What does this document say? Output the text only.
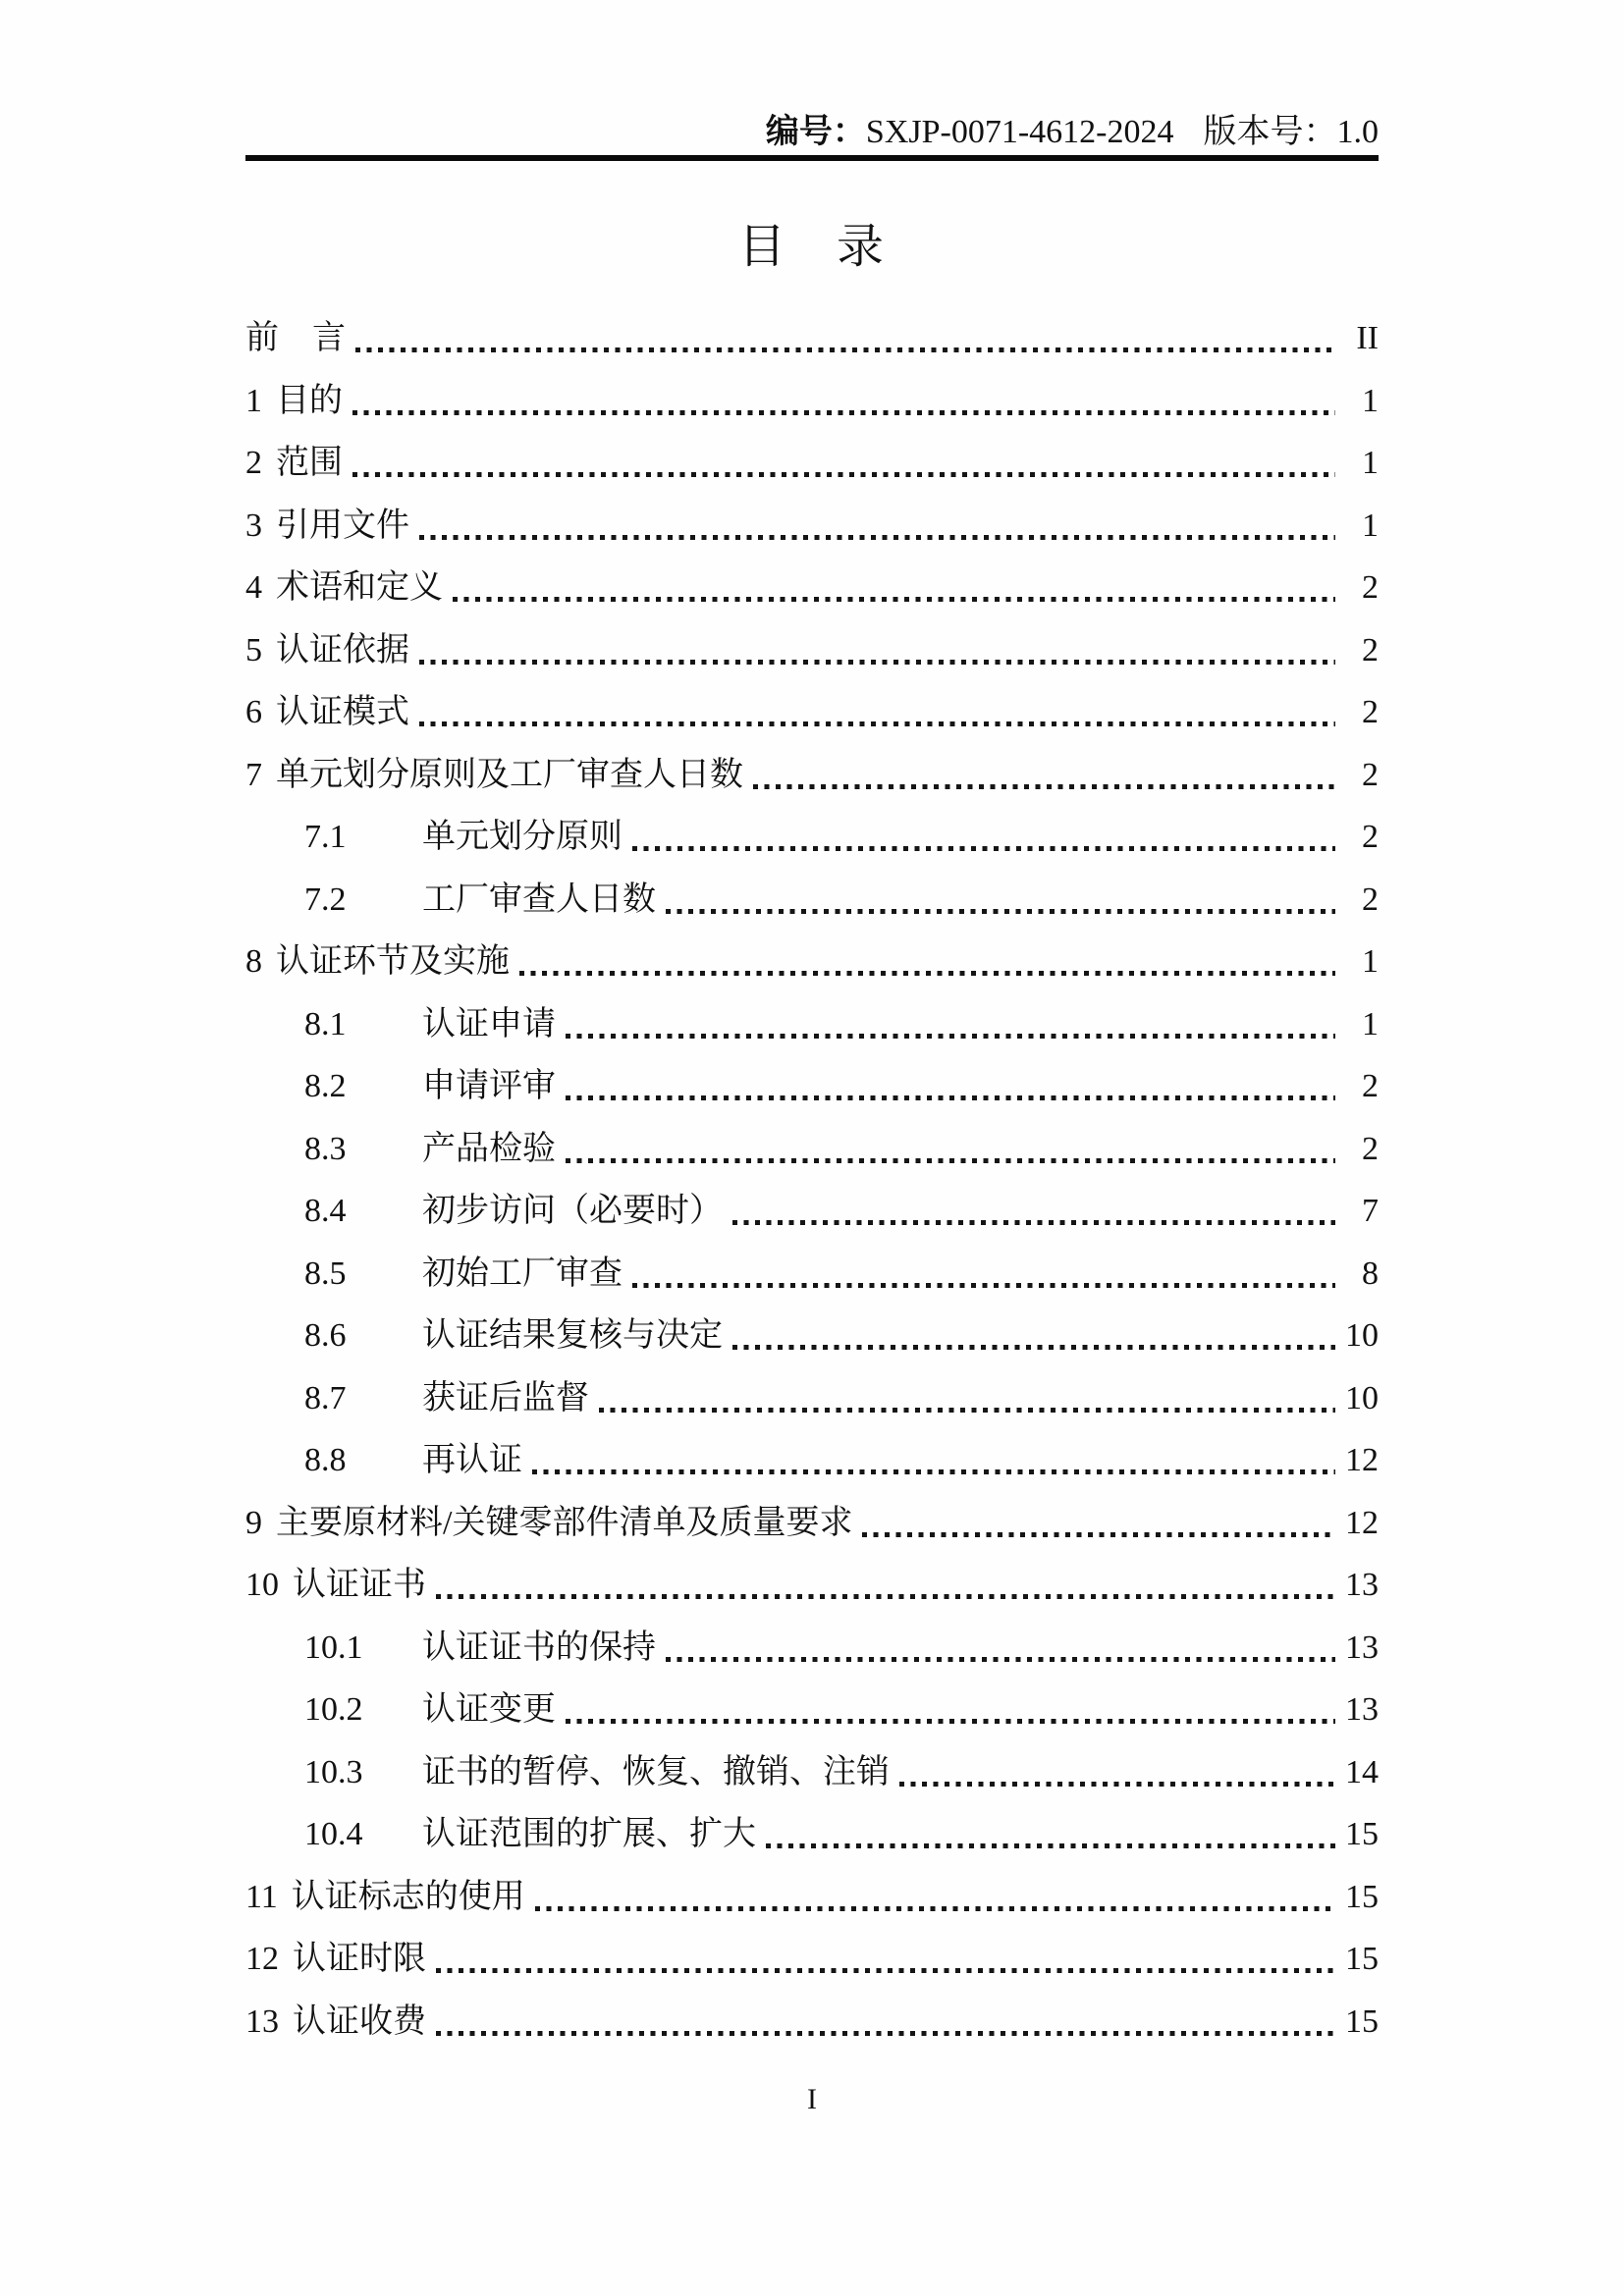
编号：SXJP-0071-4612-2024 版本号：1.0
目　录
前　言	II
1 目的	1
2 范围	1
3 引用文件	1
4 术语和定义	2
5 认证依据	2
6 认证模式	2
7 单元划分原则及工厂审查人日数	2
7.1	单元划分原则	2
7.2	工厂审查人日数	2
8 认证环节及实施	1
8.1	认证申请	1
8.2	申请评审	2
8.3	产品检验	2
8.4	初步访问（必要时）	7
8.5	初始工厂审查	8
8.6	认证结果复核与决定	10
8.7	获证后监督	10
8.8	再认证	12
9 主要原材料/关键零部件清单及质量要求	12
10 认证证书	13
10.1	认证证书的保持	13
10.2	认证变更	13
10.3	证书的暂停、恢复、撤销、注销	14
10.4	认证范围的扩展、扩大	15
11 认证标志的使用	15
12 认证时限	15
13 认证收费	15
I
